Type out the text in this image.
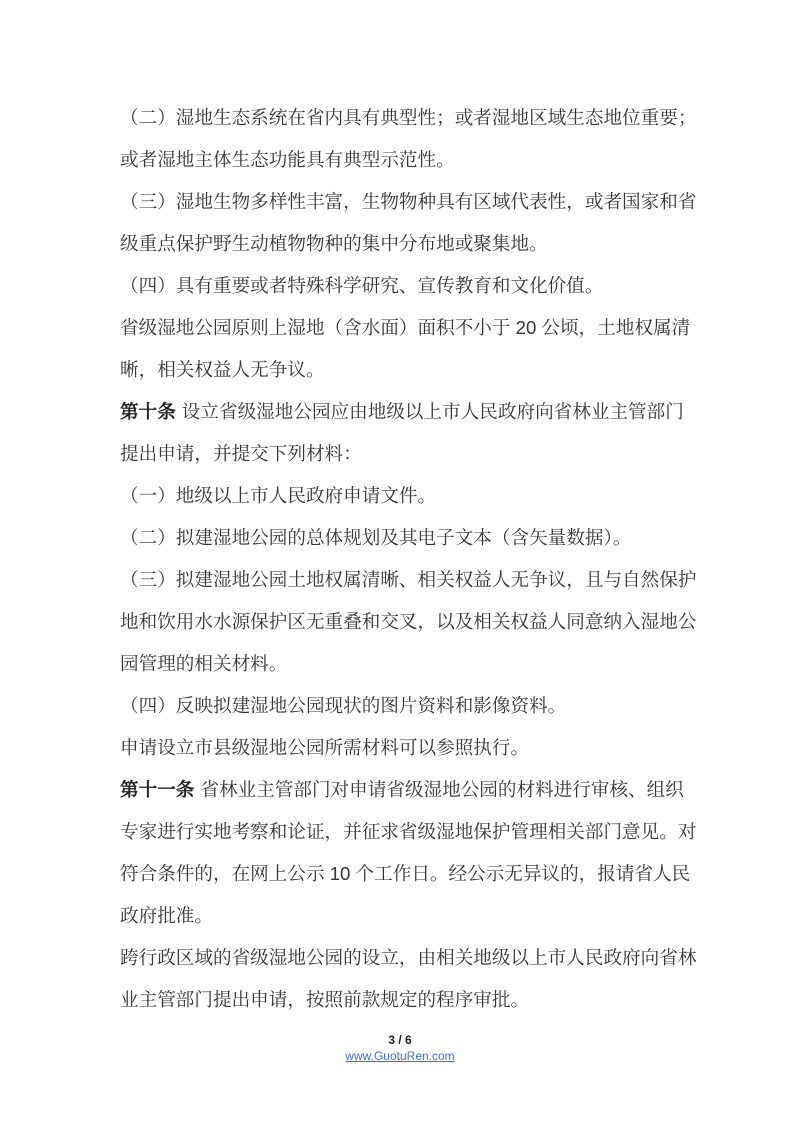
（二）湿地生态系统在省内具有典型性；或者湿地区域生态地位重要；
或者湿地主体生态功能具有典型示范性。
（三）湿地生物多样性丰富，生物物种具有区域代表性，或者国家和省
级重点保护野生动植物物种的集中分布地或聚集地。
（四）具有重要或者特殊科学研究、宣传教育和文化价值。
省级湿地公园原则上湿地（含水面）面积不小于 20 公顷，土地权属清
晰，相关权益人无争议。
第十条 设立省级湿地公园应由地级以上市人民政府向省林业主管部门
提出申请，并提交下列材料：
（一）地级以上市人民政府申请文件。
（二）拟建湿地公园的总体规划及其电子文本（含矢量数据）。
（三）拟建湿地公园土地权属清晰、相关权益人无争议，且与自然保护
地和饮用水水源保护区无重叠和交叉，以及相关权益人同意纳入湿地公
园管理的相关材料。
（四）反映拟建湿地公园现状的图片资料和影像资料。
申请设立市县级湿地公园所需材料可以参照执行。
第十一条 省林业主管部门对申请省级湿地公园的材料进行审核、组织
专家进行实地考察和论证，并征求省级湿地保护管理相关部门意见。对
符合条件的，在网上公示 10 个工作日。经公示无异议的，报请省人民
政府批准。
跨行政区域的省级湿地公园的设立，由相关地级以上市人民政府向省林
业主管部门提出申请，按照前款规定的程序审批。
3 / 6
www.GuotuRen.com
